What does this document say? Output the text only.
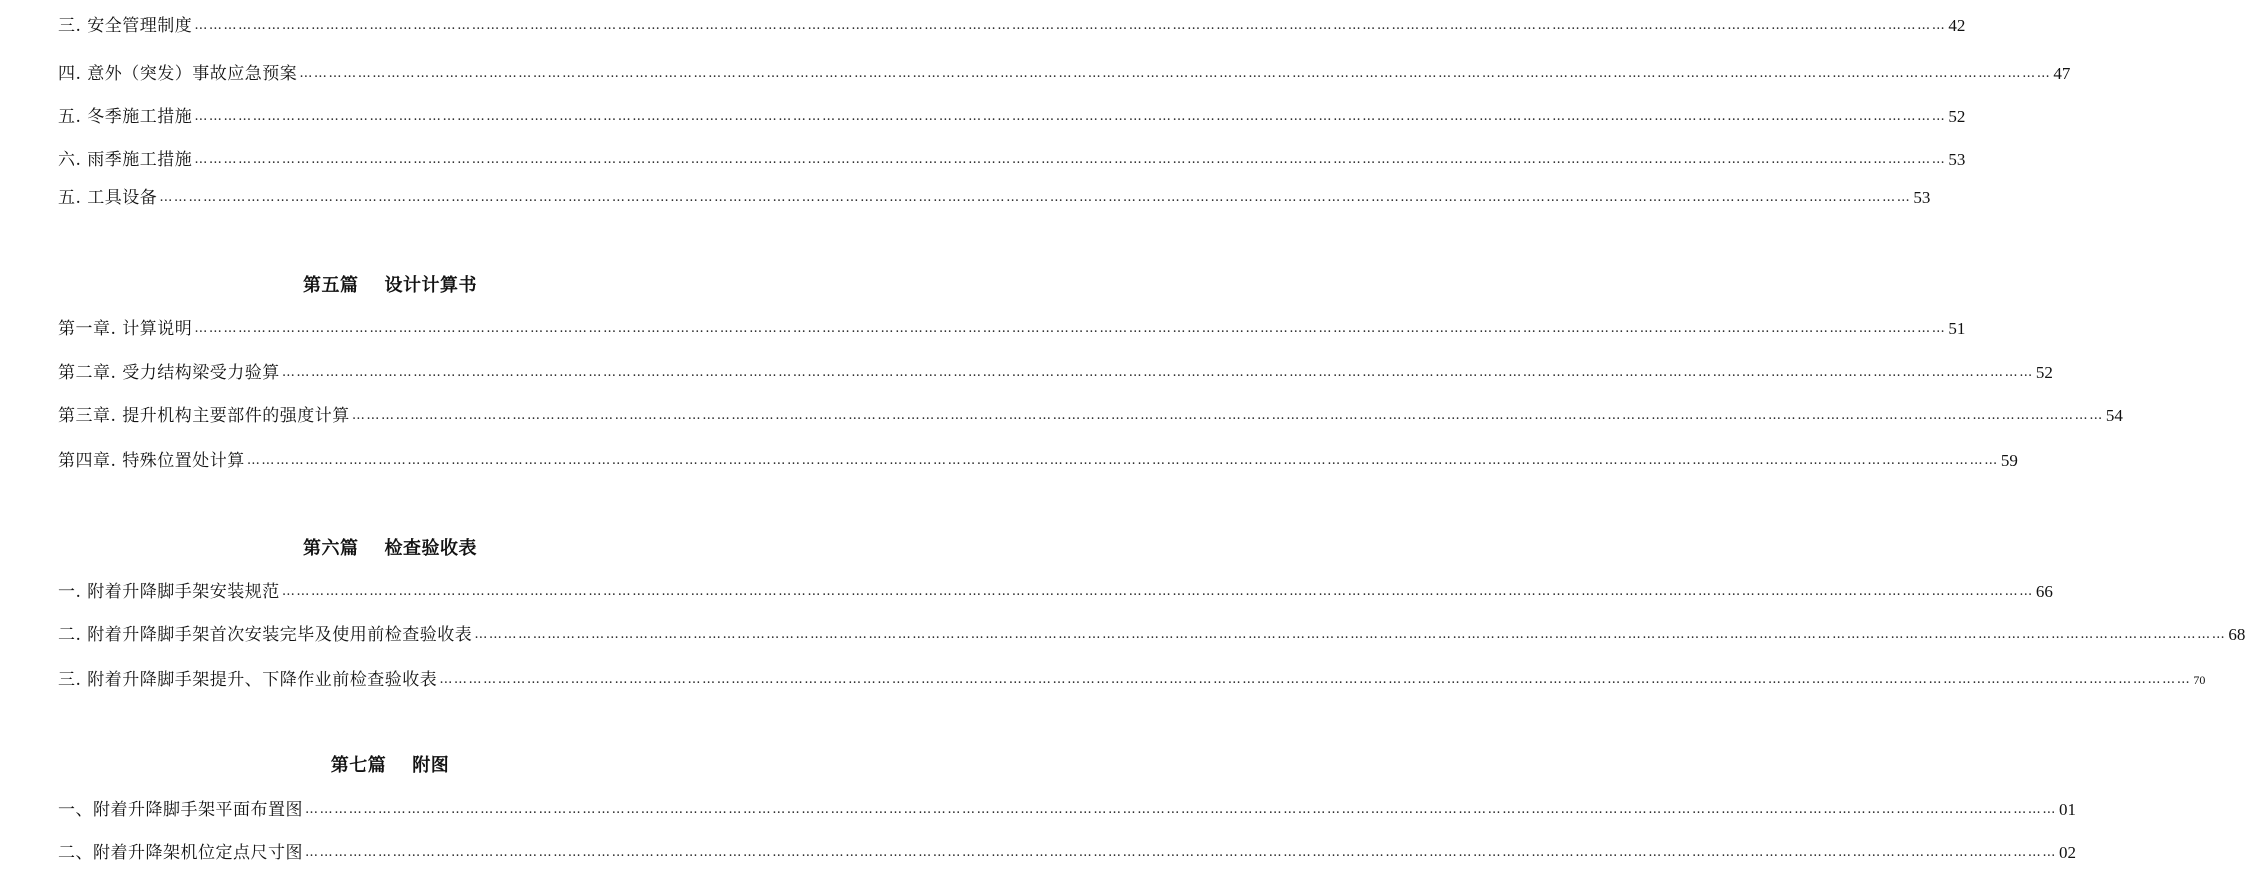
三. 安全管理制度 ……………………………………………………………………………………………………………………………………………………………………………………………………………………………………………………………………………………………………………………………… 42
四. 意外（突发）事故应急预案 ……………………………………………………………………………………………………………………………………………………………………………………………………………………………………………………………………………………………………………………………… 47
五. 冬季施工措施 ……………………………………………………………………………………………………………………………………………………………………………………………………………………………………………………………………………………………………………………………… 52
六. 雨季施工措施 ……………………………………………………………………………………………………………………………………………………………………………………………………………………………………………………………………………………………………………………………… 53
五. 工具设备 ……………………………………………………………………………………………………………………………………………………………………………………………………………………………………………………………………………………………………………………………… 53
第五篇 设计计算书
第一章. 计算说明 ……………………………………………………………………………………………………………………………………………………………………………………………………………………………………………………………………………………………………………………………… 51
第二章. 受力结构梁受力验算 ……………………………………………………………………………………………………………………………………………………………………………………………………………………………………………………………………………………………………………………………… 52
第三章. 提升机构主要部件的强度计算 ……………………………………………………………………………………………………………………………………………………………………………………………………………………………………………………………………………………………………………………………… 54
第四章. 特殊位置处计算 ……………………………………………………………………………………………………………………………………………………………………………………………………………………………………………………………………………………………………………………………… 59
第六篇 检查验收表
一. 附着升降脚手架安装规范 ……………………………………………………………………………………………………………………………………………………………………………………………………………………………………………………………………………………………………………………………… 66
二. 附着升降脚手架首次安装完毕及使用前检查验收表 ……………………………………………………………………………………………………………………………………………………………………………………………………………………………………………………………………………………………………………………………… 68
三. 附着升降脚手架提升、下降作业前检查验收表 ……………………………………………………………………………………………………………………………………………………………………………………………………………………………………………………………………………………………………………………………… 70
第七篇 附图
一、附着升降脚手架平面布置图 ……………………………………………………………………………………………………………………………………………………………………………………………………………………………………………………………………………………………………………………………… 01
二、附着升降架机位定点尺寸图 ……………………………………………………………………………………………………………………………………………………………………………………………………………………………………………………………………………………………………………………………… 02
